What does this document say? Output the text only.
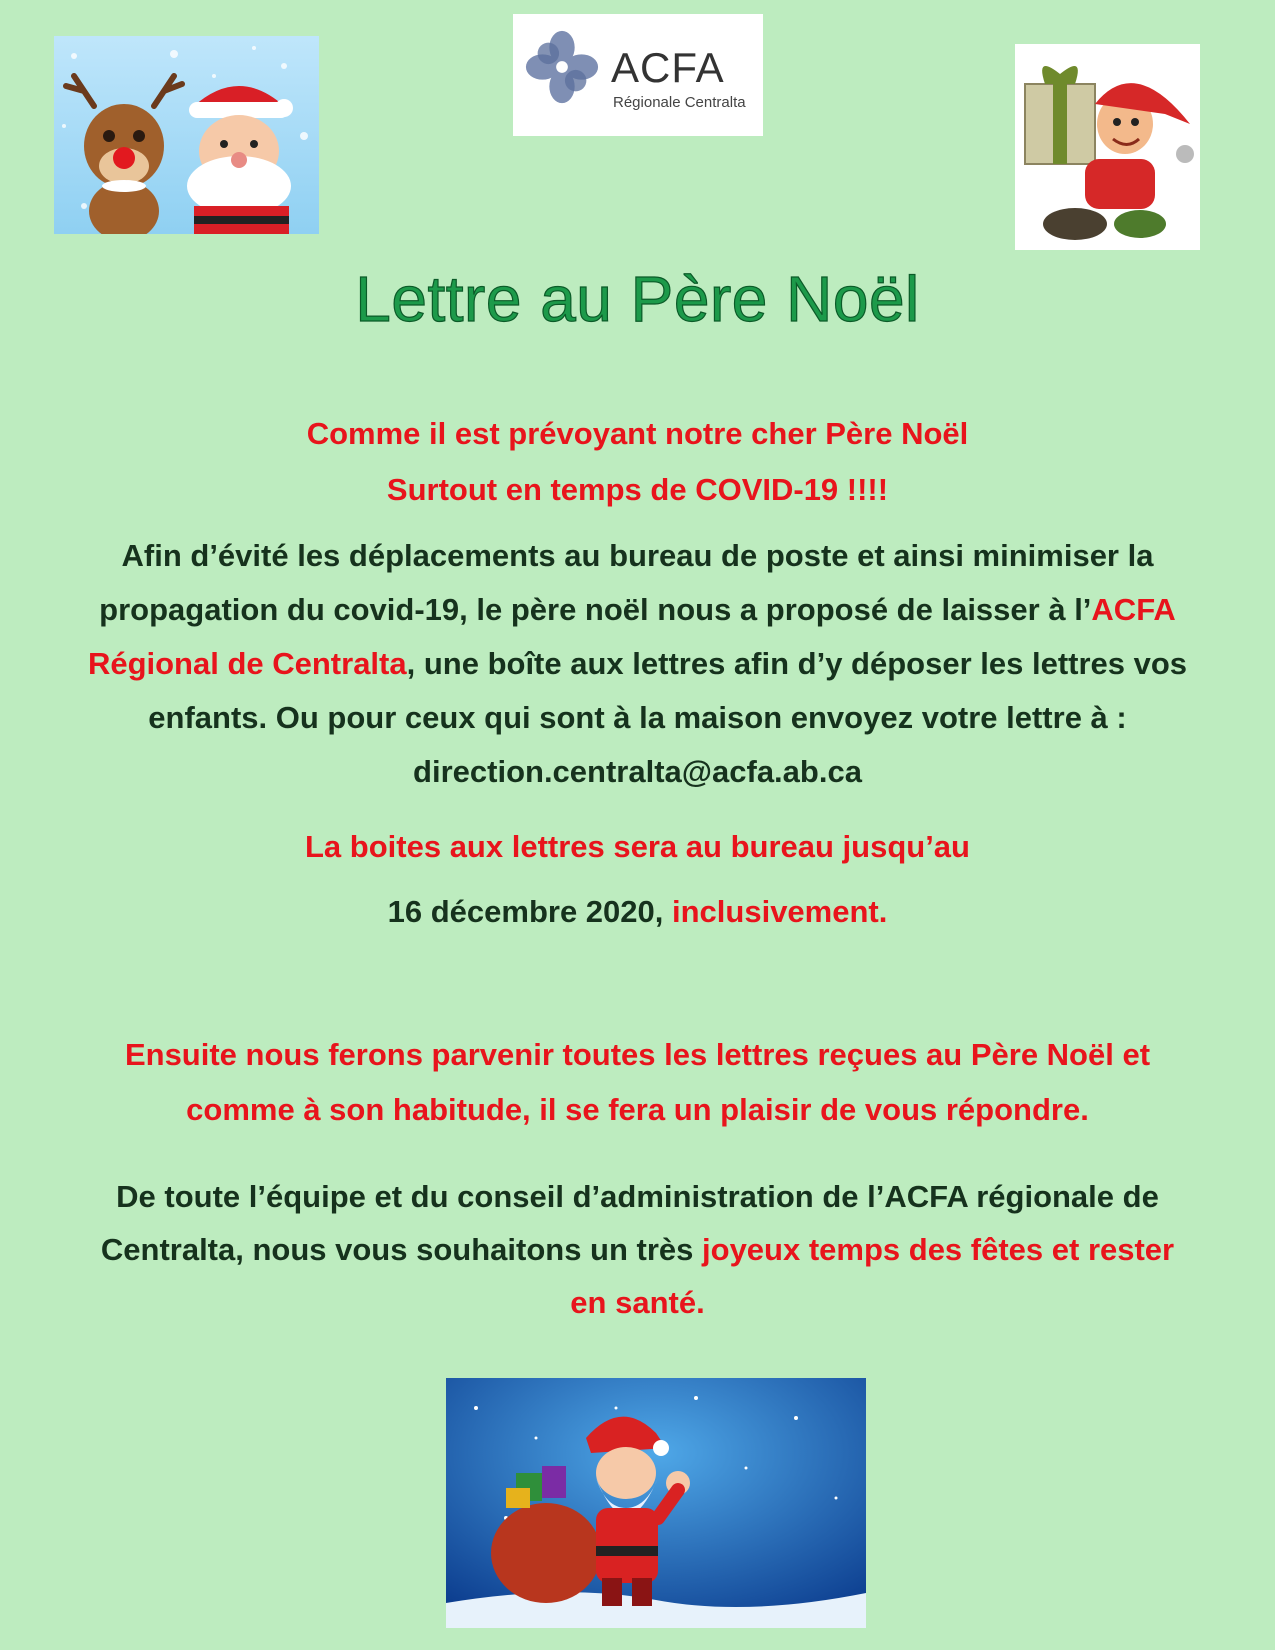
ACFA
Régionale Centralta
Lettre au Père Noël
Comme il est prévoyant notre cher Père Noël
Surtout en temps de COVID-19 !!!!
Afin d’évité les déplacements au bureau de poste et ainsi minimiser la
propagation du covid-19, le père noël nous a proposé de laisser à l’ACFA
Régional de Centralta, une boîte aux lettres afin d’y déposer les lettres vos
enfants. Ou pour ceux qui sont à la maison envoyez votre lettre à :
direction.centralta@acfa.ab.ca
La boites aux lettres sera au bureau jusqu’au
16 décembre 2020, inclusivement.
Ensuite nous ferons parvenir toutes les lettres reçues au Père Noël et
comme à son habitude, il se fera un plaisir de vous répondre.
De toute l’équipe et du conseil d’administration de l’ACFA régionale de
Centralta, nous vous souhaitons un très joyeux temps des fêtes et rester
en santé.
